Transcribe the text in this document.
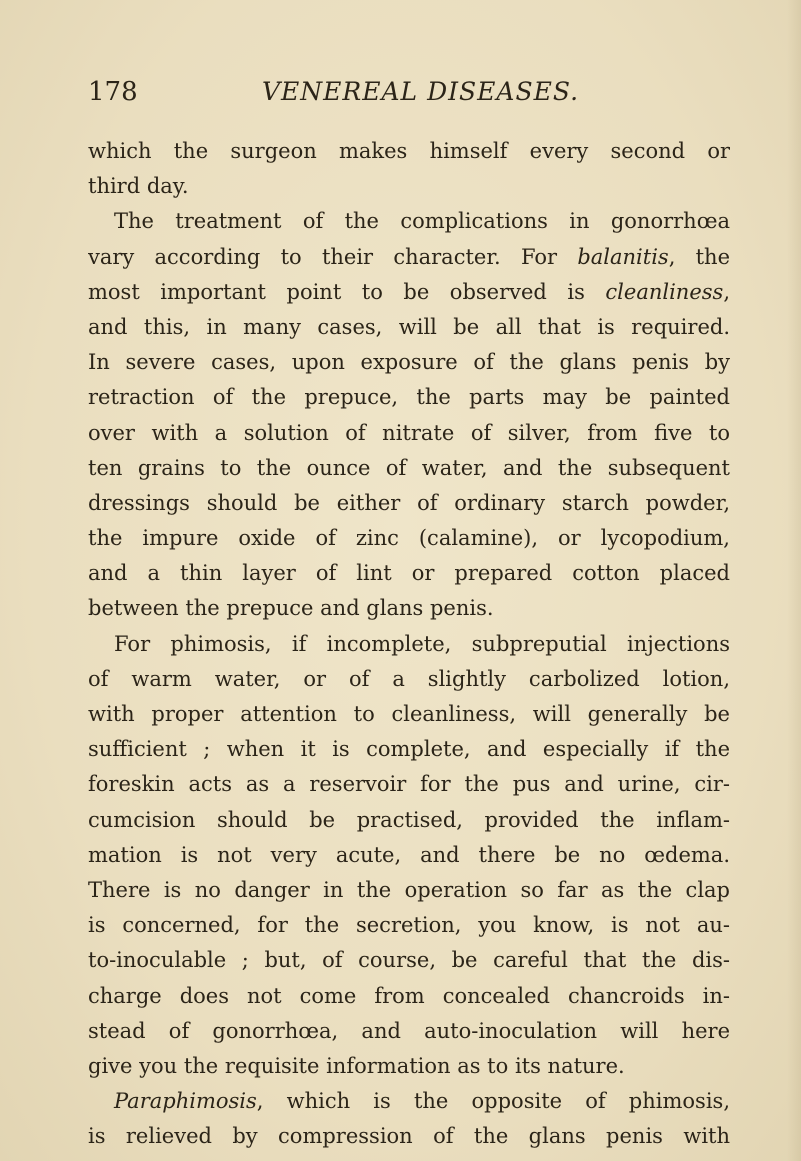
178	VENEREAL DISEASES.
which the surgeon makes himself every second or
third day.
The treatment of the complications in gonorrhœa
vary according to their character. For balanitis, the
most important point to be observed is cleanliness,
and this, in many cases, will be all that is required.
In severe cases, upon exposure of the glans penis by
retraction of the prepuce, the parts may be painted
over with a solution of nitrate of silver, from five to
ten grains to the ounce of water, and the subsequent
dressings should be either of ordinary starch powder,
the impure oxide of zinc (calamine), or lycopodium,
and a thin layer of lint or prepared cotton placed
between the prepuce and glans penis.
For phimosis, if incomplete, subpreputial injections
of warm water, or of a slightly carbolized lotion,
with proper attention to cleanliness, will generally be
sufficient ; when it is complete, and especially if the
foreskin acts as a reservoir for the pus and urine, cir-
cumcision should be practised, provided the inflam-
mation is not very acute, and there be no œdema.
There is no danger in the operation so far as the clap
is concerned, for the secretion, you know, is not au-
to-inoculable ; but, of course, be careful that the dis-
charge does not come from concealed chancroids in-
stead of gonorrhœa, and auto-inoculation will here
give you the requisite information as to its nature.
Paraphimosis, which is the opposite of phimosis,
is relieved by compression of the glans penis with
